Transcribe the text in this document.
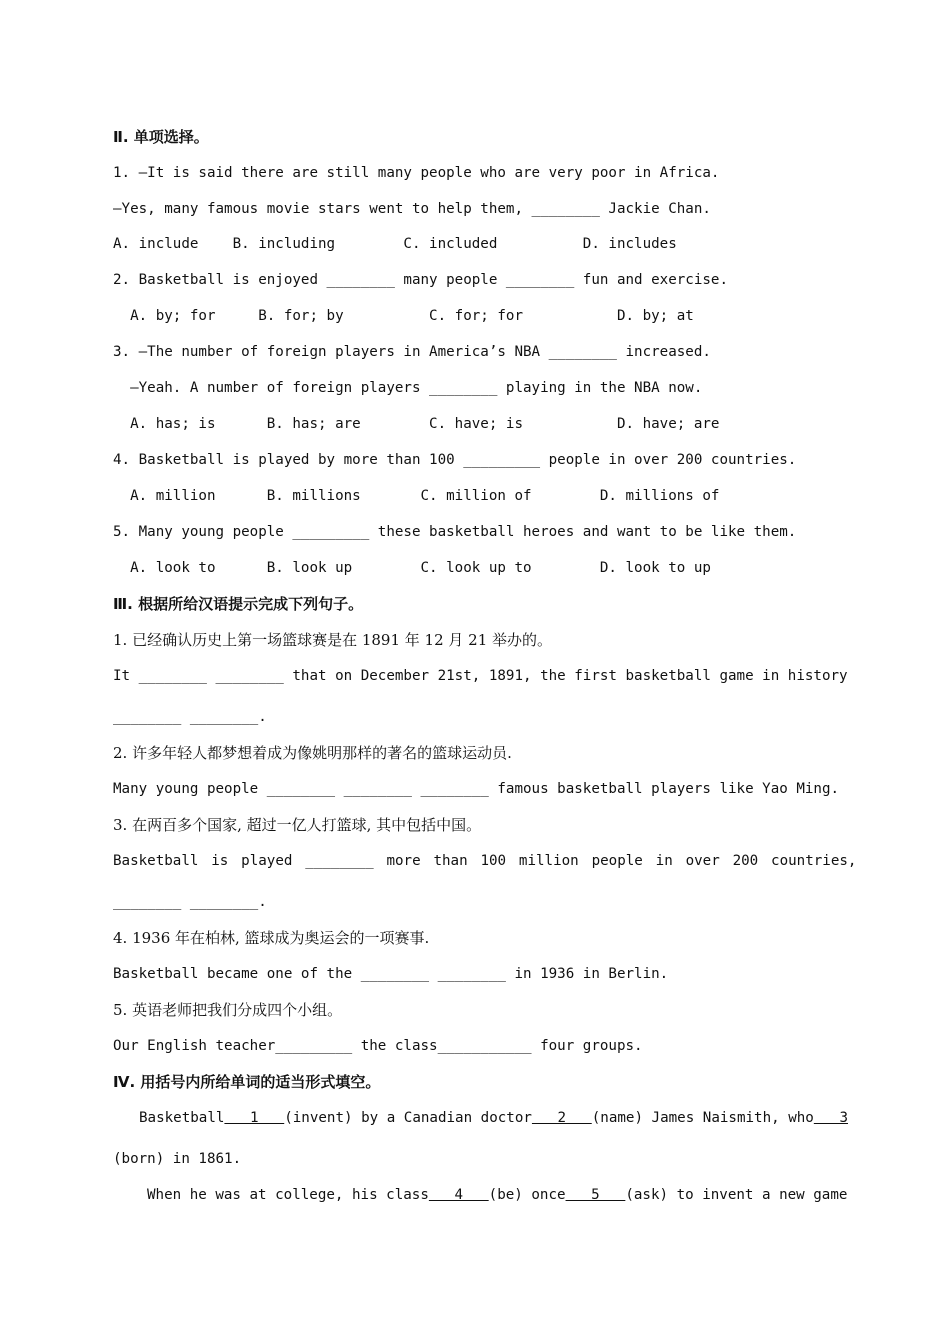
Ⅱ. 单项选择。
1. —It is said there are still many people who are very poor in Africa.
—Yes, many famous movie stars went to help them, ________ Jackie Chan.
A. include    B. including        C. included          D. includes
2. Basketball is enjoyed ________ many people ________ fun and exercise.
A. by; for     B. for; by          C. for; for           D. by; at
3. —The number of foreign players in America’s NBA ________ increased.
—Yeah. A number of foreign players ________ playing in the NBA now.
A. has; is      B. has; are        C. have; is           D. have; are
4. Basketball is played by more than 100 _________ people in over 200 countries.
A. million      B. millions       C. million of        D. millions of
5. Many young people _________ these basketball heroes and want to be like them.
A. look to      B. look up        C. look up to        D. look to up
Ⅲ. 根据所给汉语提示完成下列句子。
1. 已经确认历史上第一场篮球赛是在 1891 年 12 月 21 举办的。
It ________ ________ that on December 21st, 1891, the first basketball game in history
________ ________.
2. 许多年轻人都梦想着成为像姚明那样的著名的篮球运动员.
Many young people ________ ________ ________ famous basketball players like Yao Ming.
3. 在两百多个国家, 超过一亿人打篮球, 其中包括中国。
Basketball is played ________ more than 100 million people in over 200 countries,
________ ________.
4. 1936 年在柏林, 篮球成为奥运会的一项赛事.
Basketball became one of the ________ ________ in 1936 in Berlin.
5. 英语老师把我们分成四个小组。
Our English teacher_________ the class___________ four groups.
Ⅳ. 用括号内所给单词的适当形式填空。
Basketball 1 (invent) by a Canadian doctor 2 (name) James Naismith, who 3
(born) in 1861.
When he was at college, his class 4 (be) once 5 (ask) to invent a new game
